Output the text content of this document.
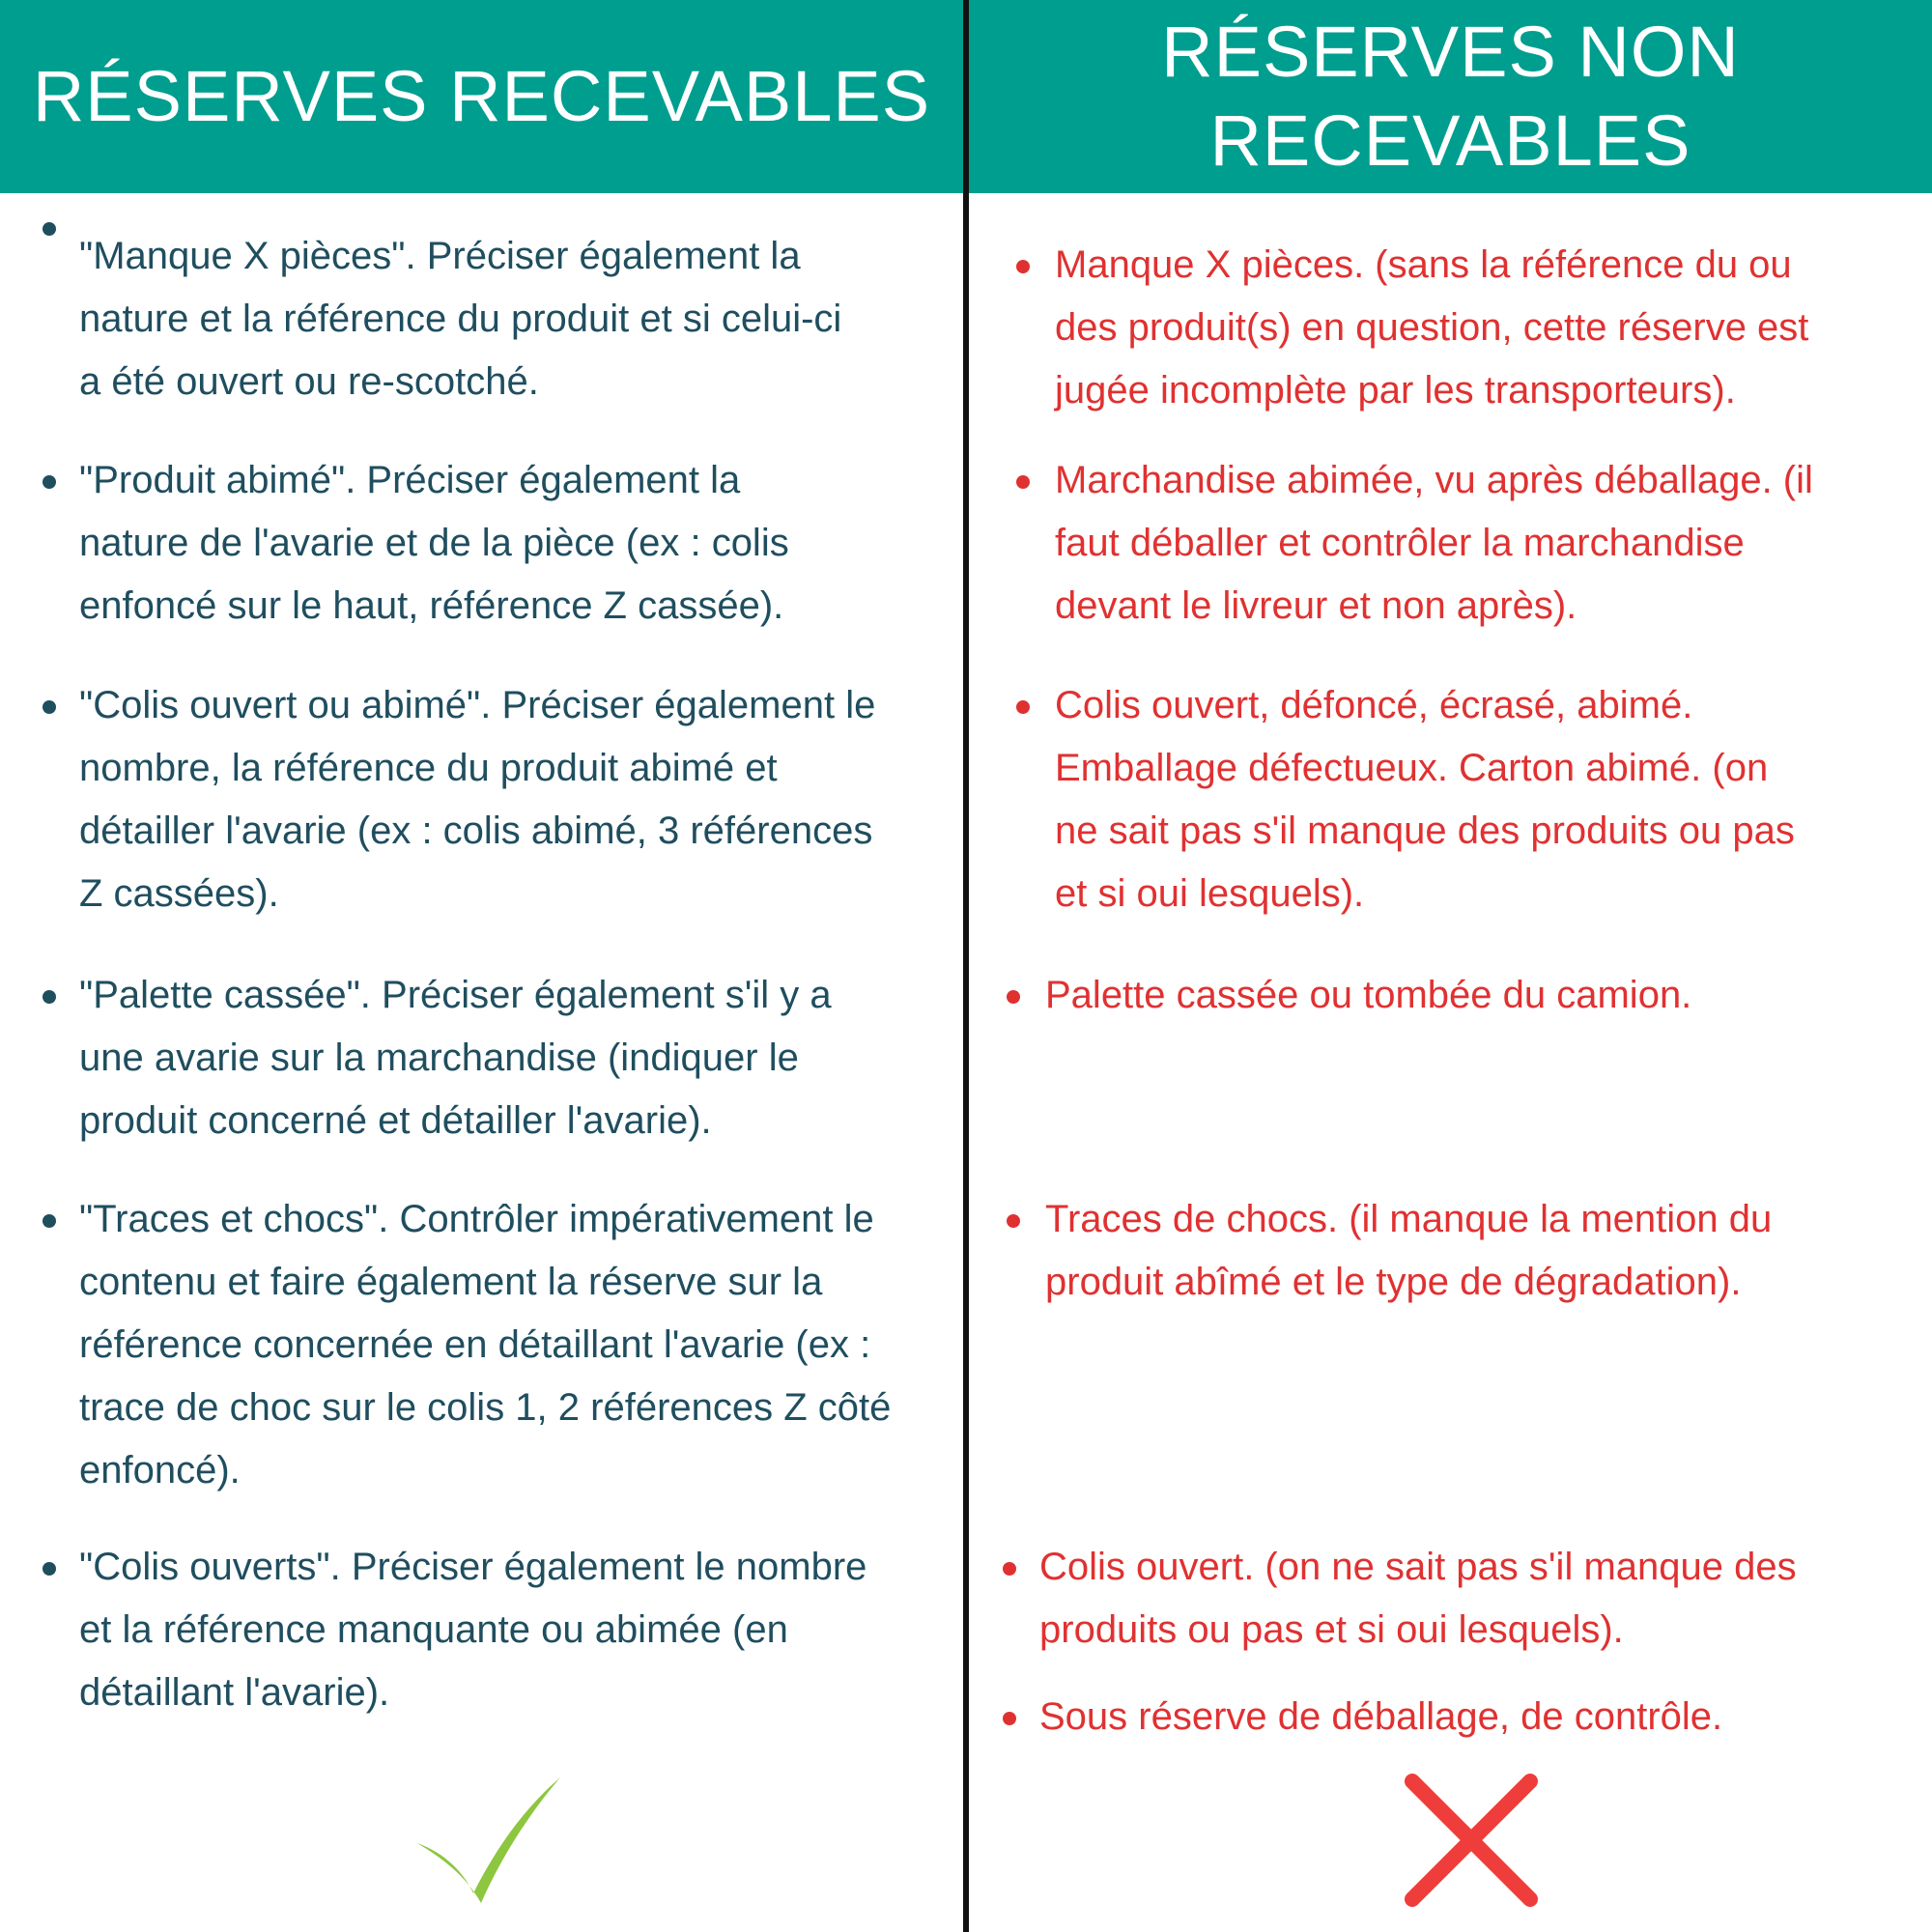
RÉSERVES RECEVABLES
RÉSERVES NON
RECEVABLES

"Manque X pièces". Préciser également la nature et la référence du produit et si celui-ci a été ouvert ou re-scotché.

"Produit abimé". Préciser également la nature de l'avarie et de la pièce (ex : colis enfoncé sur le haut, référence Z cassée).

"Colis ouvert ou abimé". Préciser également le nombre, la référence du produit abimé et détailler l'avarie (ex : colis abimé, 3 références Z cassées).

"Palette cassée". Préciser également s'il y a une avarie sur la marchandise (indiquer le produit concerné et détailler l'avarie).

"Traces et chocs". Contrôler impérativement le contenu et faire également la réserve sur la référence concernée en détaillant l'avarie (ex : trace de choc sur le colis 1, 2 références Z côté enfoncé).

"Colis ouverts". Préciser également le nombre et la référence manquante ou abimée (en détaillant l'avarie).

Manque X pièces. (sans la référence du ou des produit(s) en question, cette réserve est jugée incomplète par les transporteurs).

Marchandise abimée, vu après déballage. (il faut déballer et contrôler la marchandise devant le livreur et non après).

Colis ouvert, défoncé, écrasé, abimé. Emballage défectueux. Carton abimé. (on ne sait pas s'il manque des produits ou pas et si oui lesquels).

Palette cassée ou tombée du camion.

Traces de chocs. (il manque la mention du produit abîmé et le type de dégradation).

Colis ouvert. (on ne sait pas s'il manque des produits ou pas et si oui lesquels).

Sous réserve de déballage, de contrôle.
